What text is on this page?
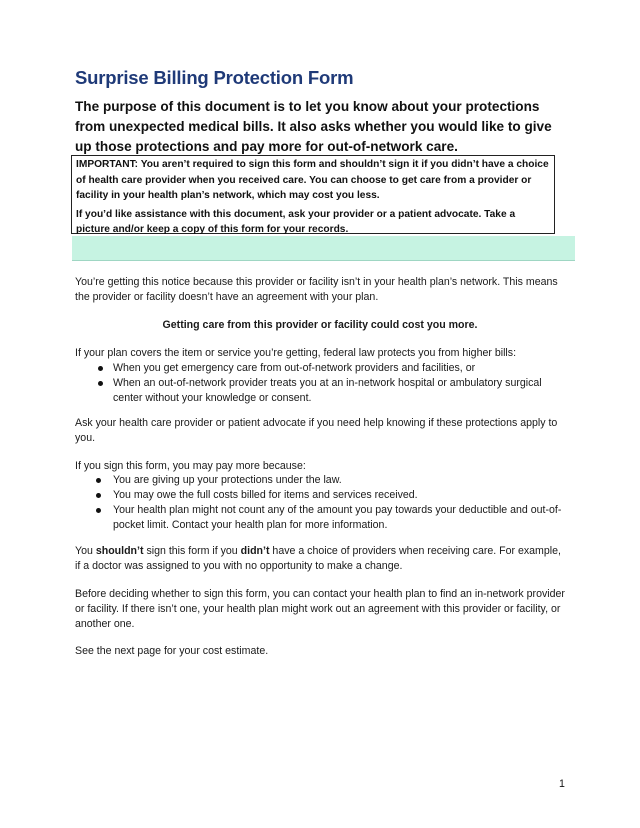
Surprise Billing Protection Form

The purpose of this document is to let you know about your protections from unexpected medical bills. It also asks whether you would like to give up those protections and pay more for out-of-network care.

IMPORTANT: You aren’t required to sign this form and shouldn’t sign it if you didn’t have a choice of health care provider when you received care. You can choose to get care from a provider or facility in your health plan’s network, which may cost you less.

If you’d like assistance with this document, ask your provider or a patient advocate. Take a picture and/or keep a copy of this form for your records.

You’re getting this notice because this provider or facility isn’t in your health plan’s network. This means the provider or facility doesn’t have an agreement with your plan.

Getting care from this provider or facility could cost you more.

If your plan covers the item or service you’re getting, federal law protects you from higher bills:

When you get emergency care from out-of-network providers and facilities, or
When an out-of-network provider treats you at an in-network hospital or ambulatory surgical center without your knowledge or consent.

Ask your health care provider or patient advocate if you need help knowing if these protections apply to you.

If you sign this form, you may pay more because:

You are giving up your protections under the law.
You may owe the full costs billed for items and services received.
Your health plan might not count any of the amount you pay towards your deductible and out-of-pocket limit. Contact your health plan for more information.

You shouldn’t sign this form if you didn’t have a choice of providers when receiving care. For example, if a doctor was assigned to you with no opportunity to make a change.

Before deciding whether to sign this form, you can contact your health plan to find an in-network provider or facility. If there isn’t one, your health plan might work out an agreement with this provider or facility, or another one.

See the next page for your cost estimate.

1
